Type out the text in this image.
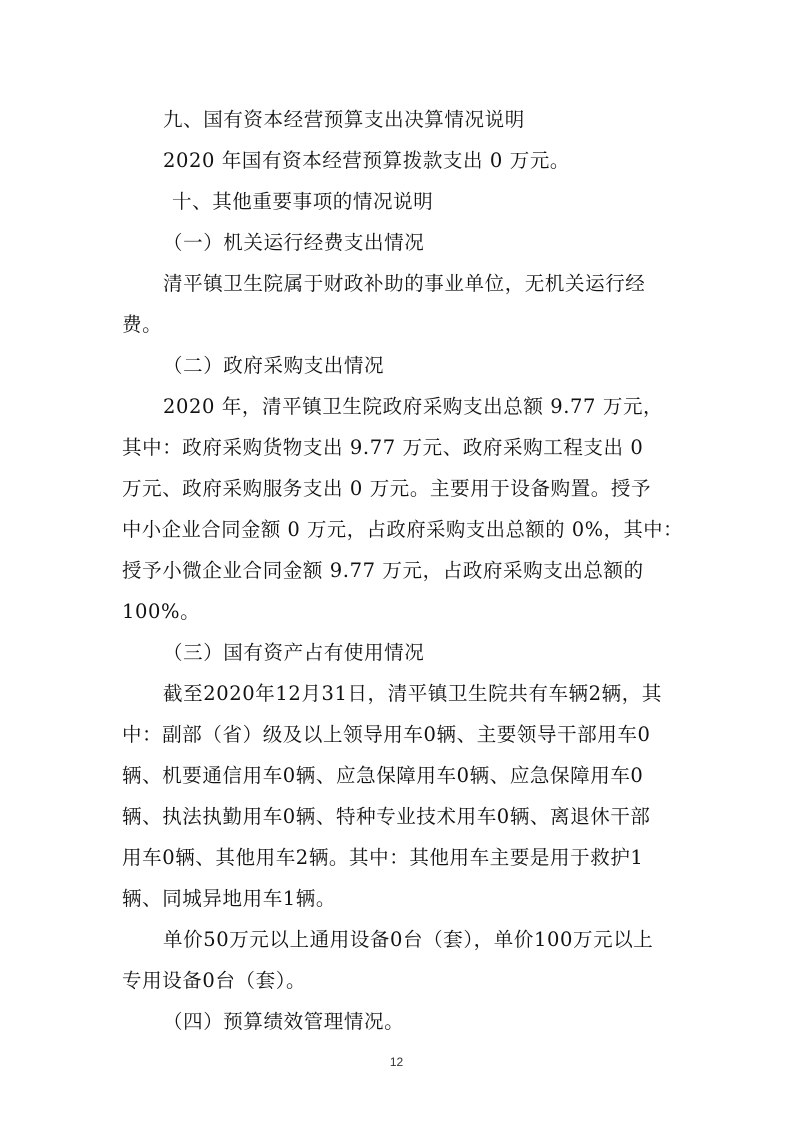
九、国有资本经营预算支出决算情况说明
2020 年国有资本经营预算拨款支出 0 万元。
十、其他重要事项的情况说明
（一）机关运行经费支出情况
清平镇卫生院属于财政补助的事业单位，无机关运行经
费。
（二）政府采购支出情况
2020 年，清平镇卫生院政府采购支出总额 9.77 万元，
其中：政府采购货物支出 9.77 万元、政府采购工程支出 0
万元、政府采购服务支出 0 万元。主要用于设备购置。授予
中小企业合同金额 0 万元，占政府采购支出总额的 0%，其中：
授予小微企业合同金额 9.77 万元，占政府采购支出总额的
100%。
（三）国有资产占有使用情况
截至2020年12月31日，清平镇卫生院共有车辆2辆，其
中：副部（省）级及以上领导用车0辆、主要领导干部用车0
辆、机要通信用车0辆、应急保障用车0辆、应急保障用车0
辆、执法执勤用车0辆、特种专业技术用车0辆、离退休干部
用车0辆、其他用车2辆。其中：其他用车主要是用于救护1
辆、同城异地用车1辆。
单价50万元以上通用设备0台（套），单价100万元以上
专用设备0台（套）。
（四）预算绩效管理情况。
12
